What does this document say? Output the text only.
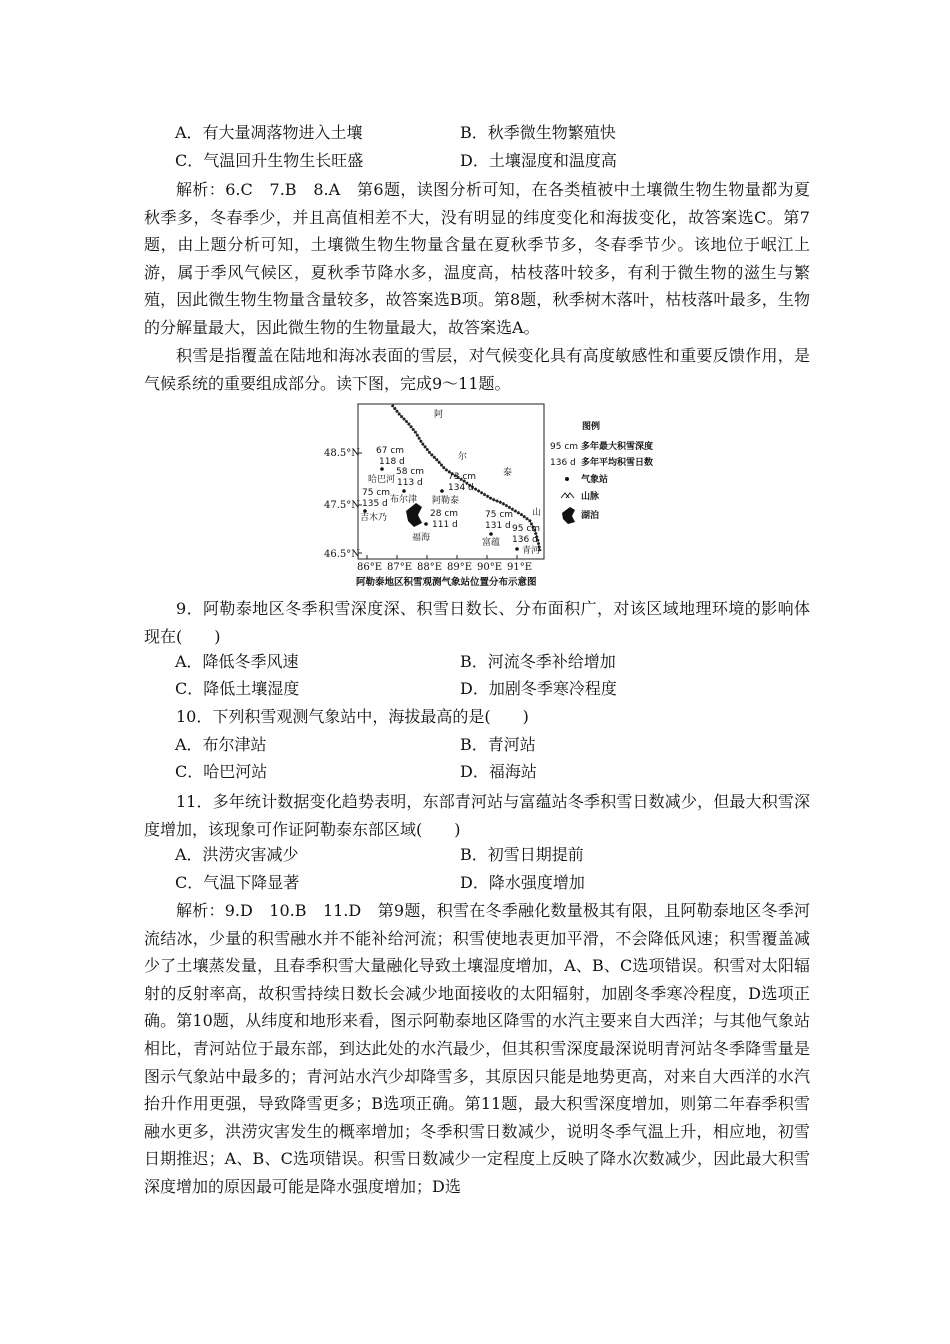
A．有大量凋落物进入土壤	B．秋季微生物繁殖快
C．气温回升生物生长旺盛	D．土壤湿度和温度高
解析：6.C　7.B　8.A　第6题，读图分析可知，在各类植被中土壤微生物生物量都为夏秋季多，冬春季少，并且高值相差不大，没有明显的纬度变化和海拔变化，故答案选C。第7题，由上题分析可知，土壤微生物生物量含量在夏秋季节多，冬春季节少。该地位于岷江上游，属于季风气候区，夏秋季节降水多，温度高，枯枝落叶较多，有利于微生物的滋生与繁殖，因此微生物生物量含量较多，故答案选B项。第8题，秋季树木落叶，枯枝落叶最多，生物的分解量最大，因此微生物的生物量最大，故答案选A。
积雪是指覆盖在陆地和海冰表面的雪层，对气候变化具有高度敏感性和重要反馈作用，是气候系统的重要组成部分。读下图，完成9～11题。
48.5°N
47.5°N
46.5°N
86°E 87°E 88°E 89°E 90°E 91°E
阿
尔
泰
山
67 cm
118 d
哈巴河
58 cm
113 d
布尔津
75 cm
135 d
吉木乃
73 cm
134 d
阿勒泰
28 cm
111 d
福海
75 cm
131 d
富蕴
95 cm
136 d
青河
图例
95 cm 多年最大积雪深度
136 d 多年平均积雪日数
气象站
山脉
湖泊
阿勒泰地区积雪观测气象站位置分布示意图
9．阿勒泰地区冬季积雪深度深、积雪日数长、分布面积广，对该区域地理环境的影响体现在(　　)
A．降低冬季风速	B．河流冬季补给增加
C．降低土壤湿度	D．加剧冬季寒冷程度
10．下列积雪观测气象站中，海拔最高的是(　　)
A．布尔津站	B．青河站
C．哈巴河站	D．福海站
11．多年统计数据变化趋势表明，东部青河站与富蕴站冬季积雪日数减少，但最大积雪深度增加，该现象可作证阿勒泰东部区域(　　)
A．洪涝灾害减少	B．初雪日期提前
C．气温下降显著	D．降水强度增加
解析：9.D　10.B　11.D　第9题，积雪在冬季融化数量极其有限，且阿勒泰地区冬季河流结冰，少量的积雪融水并不能补给河流；积雪使地表更加平滑，不会降低风速；积雪覆盖减少了土壤蒸发量，且春季积雪大量融化导致土壤湿度增加，A、B、C选项错误。积雪对太阳辐射的反射率高，故积雪持续日数长会减少地面接收的太阳辐射，加剧冬季寒冷程度，D选项正确。第10题，从纬度和地形来看，图示阿勒泰地区降雪的水汽主要来自大西洋；与其他气象站相比，青河站位于最东部，到达此处的水汽最少，但其积雪深度最深说明青河站冬季降雪量是图示气象站中最多的；青河站水汽少却降雪多，其原因只能是地势更高，对来自大西洋的水汽抬升作用更强，导致降雪更多；B选项正确。第11题，最大积雪深度增加，则第二年春季积雪融水更多，洪涝灾害发生的概率增加；冬季积雪日数减少，说明冬季气温上升，相应地，初雪日期推迟；A、B、C选项错误。积雪日数减少一定程度上反映了降水次数减少，因此最大积雪深度增加的原因最可能是降水强度增加；D选
